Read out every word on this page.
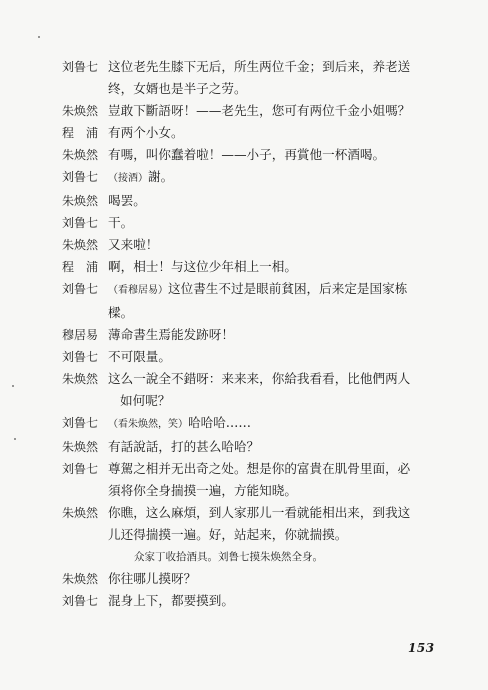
刘鲁七 这位老先生膝下无后，所生两位千金；到后来，养老送
终，女婿也是半子之劳。
朱焕然 豈敢下斷語呀！——老先生，您可有两位千金小姐嗎？
程　浦 有两个小女。
朱焕然 有嗎，叫你蠢着啦！——小子，再賞他一杯酒喝。
刘鲁七 （接酒）謝。
朱焕然 喝罢。
刘鲁七 干。
朱焕然 又来啦！
程　浦 啊，相士！与这位少年相上一相。
刘鲁七 （看穆居易）这位書生不过是眼前貧困，后来定是国家栋
樑。
穆居易 薄命書生焉能发跡呀！
刘鲁七 不可限量。
朱焕然 这么一說全不錯呀：来来来，你給我看看，比他們两人
如何呢？
刘鲁七 （看朱焕然，笑）哈哈哈……
朱焕然 有話說話，打的甚么哈哈？
刘鲁七 尊駕之相并无出奇之处。想是你的富貴在肌骨里面，必
須将你全身揣摸一遍，方能知晓。
朱焕然 你瞧，这么麻煩，到人家那儿一看就能相出来，到我这
儿还得揣摸一遍。好，站起来，你就揣摸。
众家丁收拾酒具。刘鲁七摸朱焕然全身。
朱焕然 你往哪儿摸呀？
刘鲁七 混身上下，都要摸到。
153
